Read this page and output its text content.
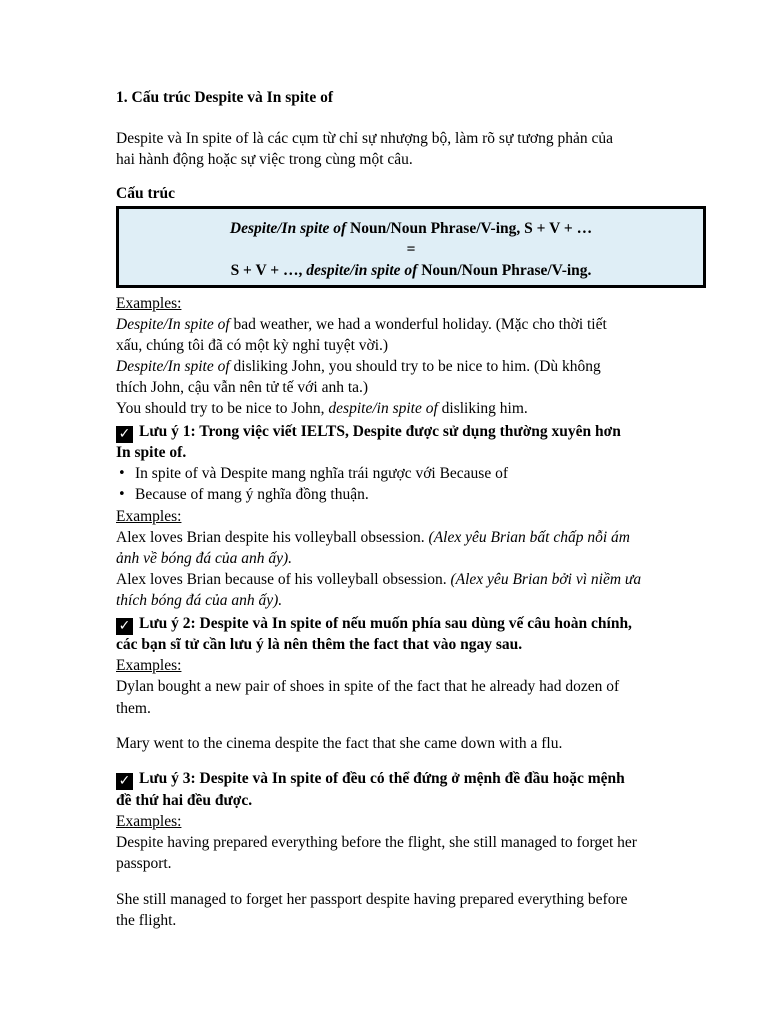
1. Cấu trúc Despite và In spite of

Despite và In spite of là các cụm từ chỉ sự nhượng bộ, làm rõ sự tương phản của

hai hành động hoặc sự việc trong cùng một câu.

Cấu trúc

Despite/In spite of Noun/Noun Phrase/V-ing, S + V + …
=
S + V + …, despite/in spite of Noun/Noun Phrase/V-ing.

Examples:

Despite/In spite of bad weather, we had a wonderful holiday. (Mặc cho thời tiết

xấu, chúng tôi đã có một kỳ nghỉ tuyệt vời.)

Despite/In spite of disliking John, you should try to be nice to him. (Dù không

thích John, cậu vẫn nên tử tế với anh ta.)

You should try to be nice to John, despite/in spite of disliking him.

✓ Lưu ý 1: Trong việc viết IELTS, Despite được sử dụng thường xuyên hơn

In spite of.

• In spite of và Despite mang nghĩa trái ngược với Because of

• Because of mang ý nghĩa đồng thuận.

Examples:

Alex loves Brian despite his volleyball obsession. (Alex yêu Brian bất chấp nỗi ám

ảnh về bóng đá của anh ấy).

Alex loves Brian because of his volleyball obsession. (Alex yêu Brian bởi vì niềm ưa

thích bóng đá của anh ấy).

✓ Lưu ý 2: Despite và In spite of nếu muốn phía sau dùng vế câu hoàn chính,

các bạn sĩ tử cần lưu ý là nên thêm the fact that vào ngay sau.

Examples:

Dylan bought a new pair of shoes in spite of the fact that he already had dozen of

them.

Mary went to the cinema despite the fact that she came down with a flu.

✓ Lưu ý 3: Despite và In spite of đều có thể đứng ở mệnh đề đầu hoặc mệnh

đề thứ hai đều được.

Examples:

Despite having prepared everything before the flight, she still managed to forget her

passport.

She still managed to forget her passport despite having prepared everything before

the flight.
